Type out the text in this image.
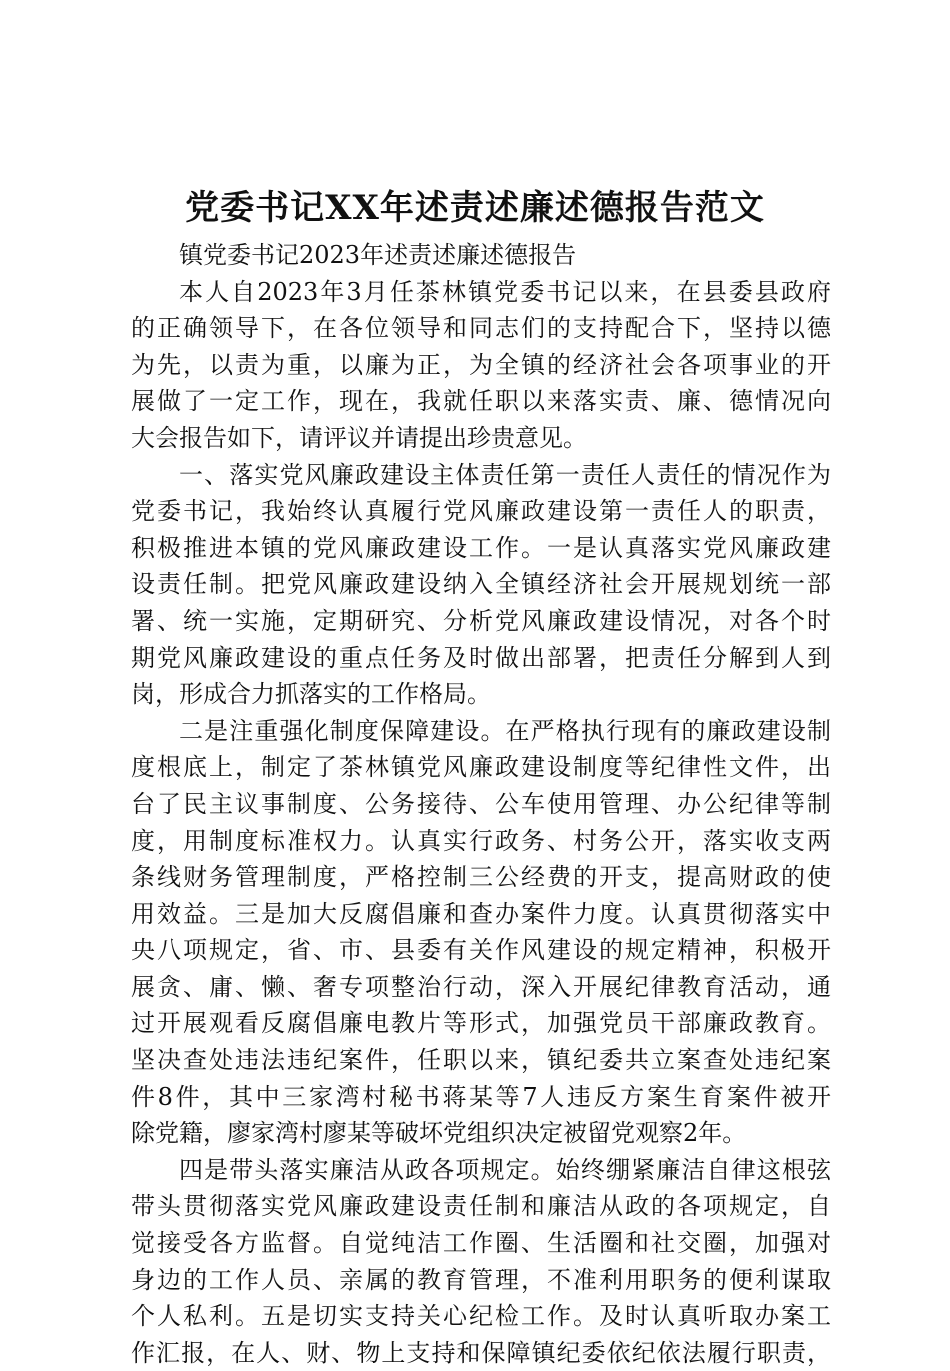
党委书记XX年述责述廉述德报告范文
镇党委书记2023年述责述廉述德报告
本人自2023年3月任茶林镇党委书记以来，在县委县政府
的正确领导下，在各位领导和同志们的支持配合下，坚持以德
为先，以责为重，以廉为正，为全镇的经济社会各项事业的开
展做了一定工作，现在，我就任职以来落实责、廉、德情况向
大会报告如下，请评议并请提出珍贵意见。
一、落实党风廉政建设主体责任第一责任人责任的情况作为
党委书记，我始终认真履行党风廉政建设第一责任人的职责，
积极推进本镇的党风廉政建设工作。一是认真落实党风廉政建
设责任制。把党风廉政建设纳入全镇经济社会开展规划统一部
署、统一实施，定期研究、分析党风廉政建设情况，对各个时
期党风廉政建设的重点任务及时做出部署，把责任分解到人到
岗，形成合力抓落实的工作格局。
二是注重强化制度保障建设。在严格执行现有的廉政建设制
度根底上，制定了茶林镇党风廉政建设制度等纪律性文件，出
台了民主议事制度、公务接待、公车使用管理、办公纪律等制
度，用制度标准权力。认真实行政务、村务公开，落实收支两
条线财务管理制度，严格控制三公经费的开支，提高财政的使
用效益。三是加大反腐倡廉和查办案件力度。认真贯彻落实中
央八项规定，省、市、县委有关作风建设的规定精神，积极开
展贪、庸、懒、奢专项整治行动，深入开展纪律教育活动，通
过开展观看反腐倡廉电教片等形式，加强党员干部廉政教育。
坚决查处违法违纪案件，任职以来，镇纪委共立案查处违纪案
件8件，其中三家湾村秘书蒋某等7人违反方案生育案件被开
除党籍，廖家湾村廖某等破坏党组织决定被留党观察2年。
四是带头落实廉洁从政各项规定。始终绷紧廉洁自律这根弦
带头贯彻落实党风廉政建设责任制和廉洁从政的各项规定，自
觉接受各方监督。自觉纯洁工作圈、生活圈和社交圈，加强对
身边的工作人员、亲属的教育管理，不准利用职务的便利谋取
个人私利。五是切实支持关心纪检工作。及时认真听取办案工
作汇报，在人、财、物上支持和保障镇纪委依纪依法履行职责，
